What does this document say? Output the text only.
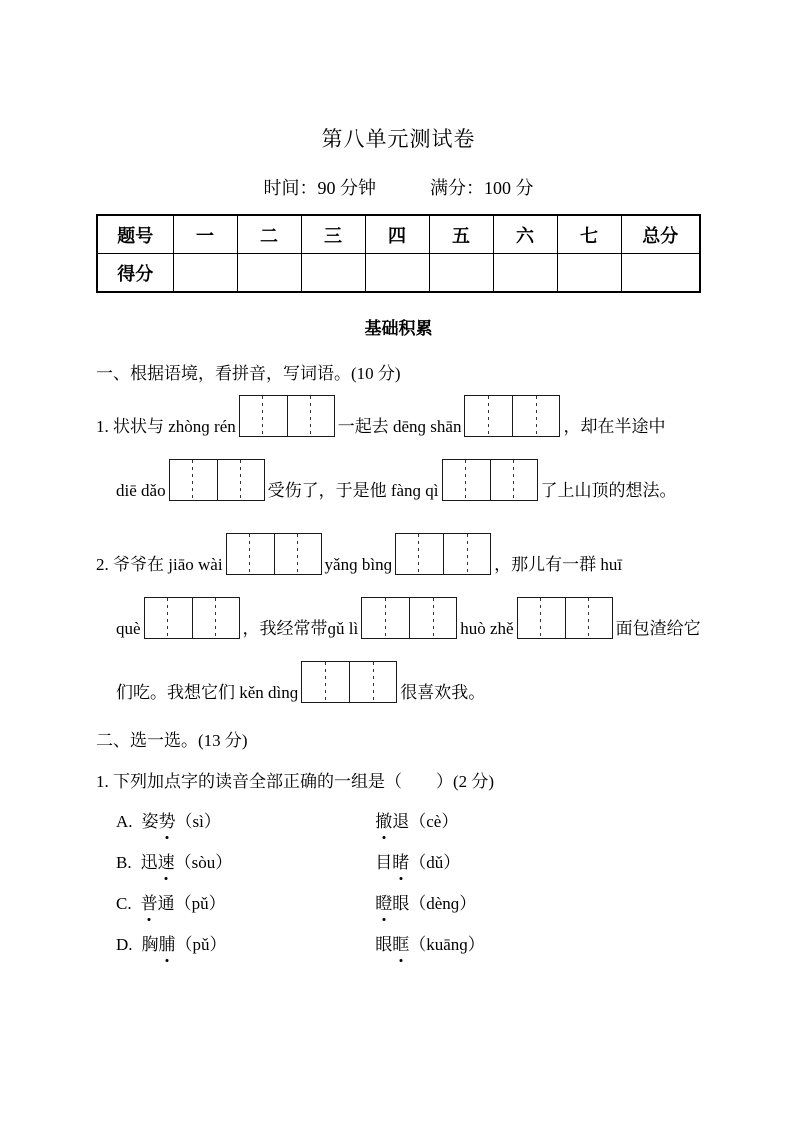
第八单元测试卷
时间：90 分钟　　　满分：100 分
题号	一	二	三	四	五	六	七	总分
得分								
基础积累
一、根据语境，看拼音，写词语。(10 分)
1. 状状与 zhònɡ rén	一起去 dēnɡ shān	，却在半途中
diē dǎo	受伤了，于是他 fànɡ qì	了上山顶的想法。
2. 爷爷在 jiāo wài	yǎnɡ bìnɡ	，那儿有一群 huī
què	，我经常带ɡǔ lì	huò zhě	面包渣给它
们吃。我想它们 kěn dìnɡ	很喜欢我。
二、选一选。(13 分)
1. 下列加点字的读音全部正确的一组是（　　）(2 分)
A. 姿势（sì）	撤退（cè）
B. 迅速（sòu）	目睹（dǔ）
C. 普通（pǔ）	瞪眼（dènɡ）
D. 胸脯（pǔ）	眼眶（kuānɡ）
